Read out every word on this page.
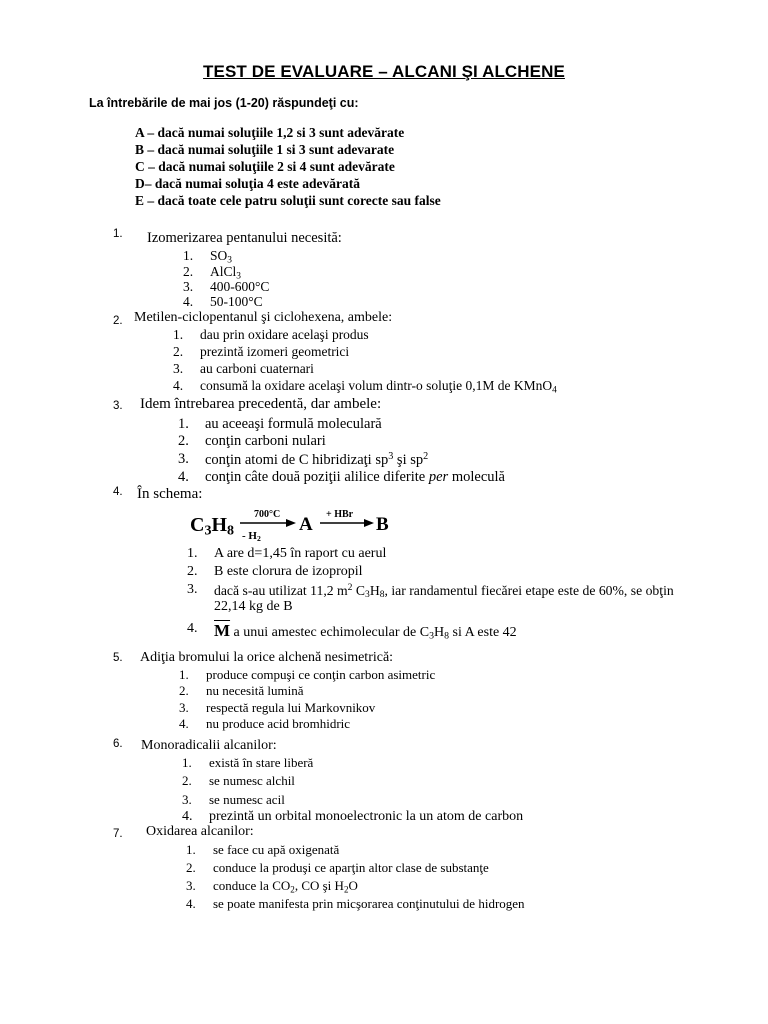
TEST DE EVALUARE – ALCANI ŞI ALCHENE
La întrebările de mai jos (1-20) răspundeţi cu:
A – dacă numai soluţiile 1,2 si 3 sunt adevărate
B – dacă numai soluţiile 1 si 3 sunt adevarate
C – dacă numai soluţiile 2 si 4 sunt adevărate
D– dacă numai soluţia 4 este adevărată
E – dacă toate cele patru soluţii sunt corecte sau false
1. Izomerizarea pentanului necesită:
1. $SO_3$
2. AlCl$_3$
3. 400-600°C
4. 50-100°C
2. Metilen-ciclopentanul şi ciclohexena, ambele:
1. dau prin oxidare acelaşi produs
2. prezintă izomeri geometrici
3. au carboni cuaternari
4. consumă la oxidare acelaşi volum dintr-o soluţie 0,1M de KMnO$_4$
3. Idem întrebarea precedentă, dar ambele:
1. au aceeaşi formulă moleculară
2. conţin carboni nulari
3. conţin atomi de C hibridizaţi $sp^3$ şi $sp^2$
4. conţin câte două poziţii alilice diferite per moleculă
4. În schema:
$C_3H_8$
700°C
- $H_2$
A + HBr B
1. A are d=1,45 în raport cu aerul
2. B este clorura de izopropil
3. dacă s-au utilizat 11,2 $m^2$ $C_3H_8$, iar randamentul fiecărei etape este de 60%, se obţin
22,14 kg de B
4. $\overline{M}$ a unui amestec echimolecular de $C_3H_8$ si A este 42
5. Adiţia bromului la orice alchenă nesimetrică:
1. produce compuşi ce conţin carbon asimetric
2. nu necesită lumină
3. respectă regula lui Markovnikov
4. nu produce acid bromhidric
6. Monoradicalii alcanilor:
1. există în stare liberă
2. se numesc alchil
3. se numesc acil
4. prezintă un orbital monoelectronic la un atom de carbon
7. Oxidarea alcanilor:
1. se face cu apă oxigenată
2. conduce la produşi ce aparţin altor clase de substanţe
3. conduce la $CO_2$, CO şi $H_2O$
4. se poate manifesta prin micşorarea conţinutului de hidrogen
